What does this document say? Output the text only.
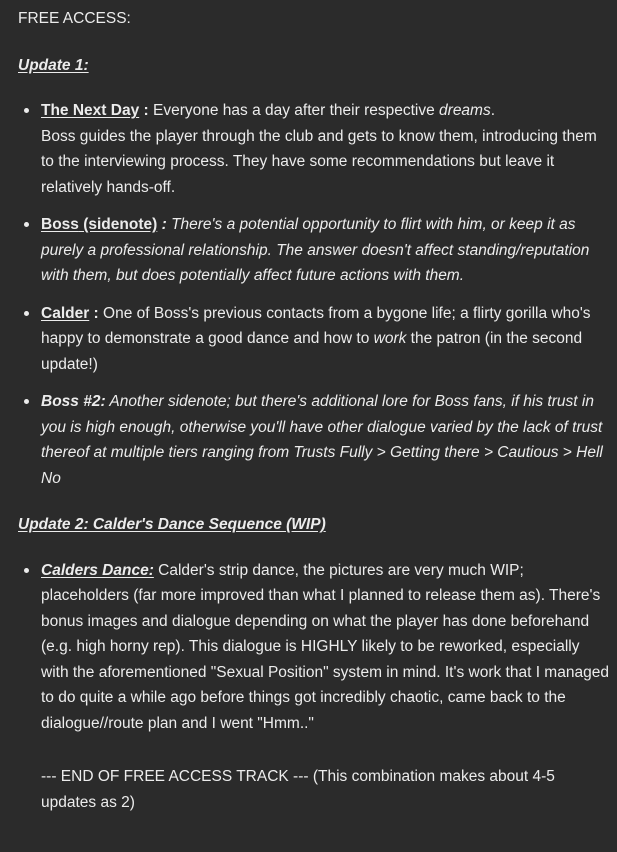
FREE ACCESS:

Update 1:

The Next Day : Everyone has a day after their respective dreams.
Boss guides the player through the club and gets to know them, introducing them to the interviewing process. They have some recommendations but leave it relatively hands-off.
Boss (sidenote) : There's a potential opportunity to flirt with him, or keep it as purely a professional relationship. The answer doesn't affect standing/reputation with them, but does potentially affect future actions with them.
Calder : One of Boss's previous contacts from a bygone life; a flirty gorilla who's happy to demonstrate a good dance and how to work the patron (in the second update!)
Boss #2: Another sidenote; but there's additional lore for Boss fans, if his trust in you is high enough, otherwise you'll have other dialogue varied by the lack of trust thereof at multiple tiers ranging from Trusts Fully > Getting there > Cautious > Hell No

Update 2: Calder's Dance Sequence (WIP)

Calders Dance: Calder's strip dance, the pictures are very much WIP; placeholders (far more improved than what I planned to release them as). There's bonus images and dialogue depending on what the player has done beforehand (e.g. high horny rep). This dialogue is HIGHLY likely to be reworked, especially with the aforementioned "Sexual Position" system in mind. It's work that I managed to do quite a while ago before things got incredibly chaotic, came back to the dialogue//route plan and I went "Hmm.."

--- END OF FREE ACCESS TRACK --- (This combination makes about 4-5 updates as 2)
